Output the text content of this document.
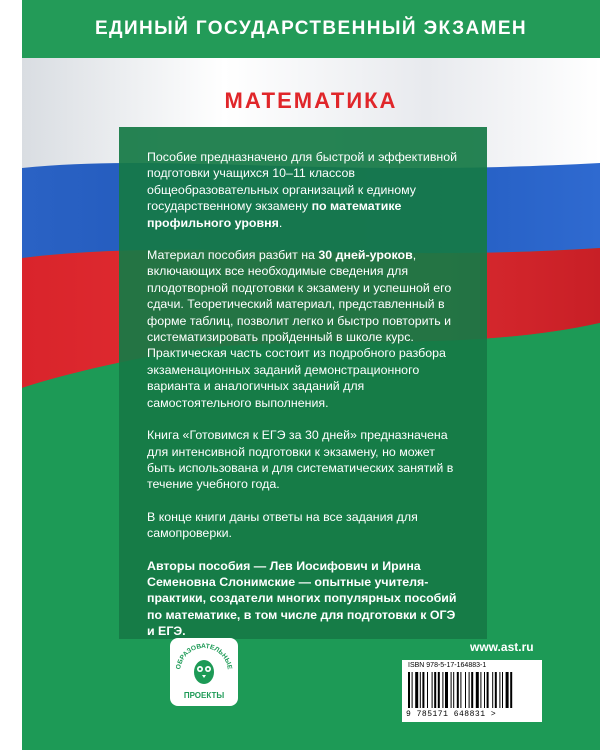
ЕДИНЫЙ ГОСУДАРСТВЕННЫЙ ЭКЗАМЕН
МАТЕМАТИКА

Пособие предназначено для быстрой и эффективной подготовки учащихся 10–11 классов общеобразовательных организаций к единому государственному экзамену по математике профильного уровня.

Материал пособия разбит на 30 дней-уроков, включающих все необходимые сведения для плодотворной подготовки к экзамену и успешной его сдачи. Теоретический материал, представленный в форме таблиц, позволит легко и быстро повторить и систематизировать пройденный в школе курс. Практическая часть состоит из подробного разбора экзаменационных заданий демонстрационного варианта и аналогичных заданий для самостоятельного выполнения.

Книга «Готовимся к ЕГЭ за 30 дней» предназначена для интенсивной подготовки к экзамену, но может быть использована и для систематических занятий в течение учебного года.

В конце книги даны ответы на все задания для самопроверки.

Авторы пособия — Лев Иосифович и Ирина Семеновна Слонимские — опытные учителя-практики, создатели многих популярных пособий по математике, в том числе для подготовки к ОГЭ и ЕГЭ.

ОБРАЗОВАТЕЛЬНЫЕ
ПРОЕКТЫ
www.ast.ru
ISBN 978-5-17-164883-1
9 785171 648831 >
